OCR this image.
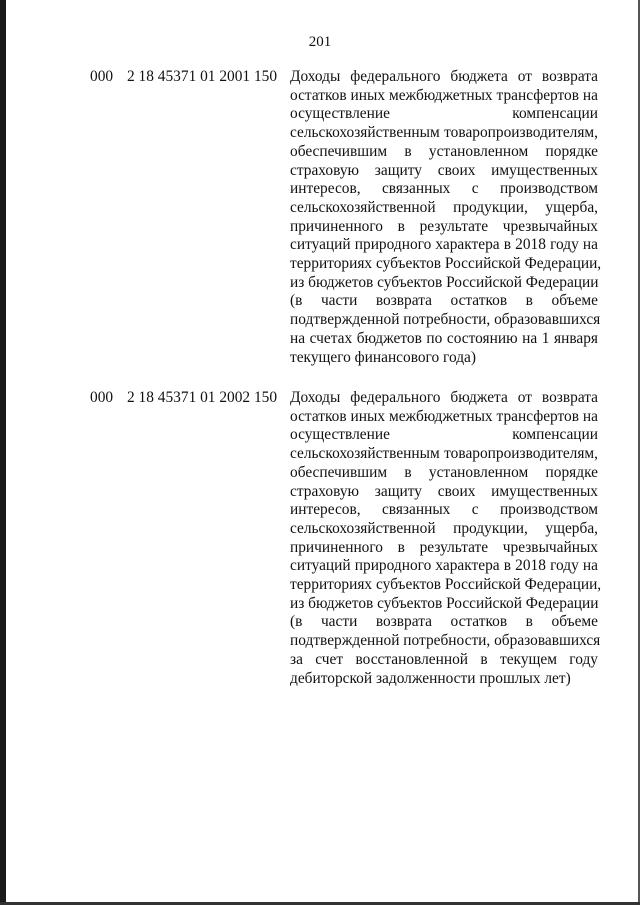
201
000 2 18 45371 01 2001 150 Доходы федерального бюджета от возврата
остатков иных межбюджетных трансфертов на
осуществление компенсации
сельскохозяйственным товаропроизводителям,
обеспечившим в установленном порядке
страховую защиту своих имущественных
интересов, связанных с производством
сельскохозяйственной продукции, ущерба,
причиненного в результате чрезвычайных
ситуаций природного характера в 2018 году на
территориях субъектов Российской Федерации,
из бюджетов субъектов Российской Федерации
(в части возврата остатков в объеме
подтвержденной потребности, образовавшихся
на счетах бюджетов по состоянию на 1 января
текущего финансового года)
000 2 18 45371 01 2002 150 Доходы федерального бюджета от возврата
остатков иных межбюджетных трансфертов на
осуществление компенсации
сельскохозяйственным товаропроизводителям,
обеспечившим в установленном порядке
страховую защиту своих имущественных
интересов, связанных с производством
сельскохозяйственной продукции, ущерба,
причиненного в результате чрезвычайных
ситуаций природного характера в 2018 году на
территориях субъектов Российской Федерации,
из бюджетов субъектов Российской Федерации
(в части возврата остатков в объеме
подтвержденной потребности, образовавшихся
за счет восстановленной в текущем году
дебиторской задолженности прошлых лет)
